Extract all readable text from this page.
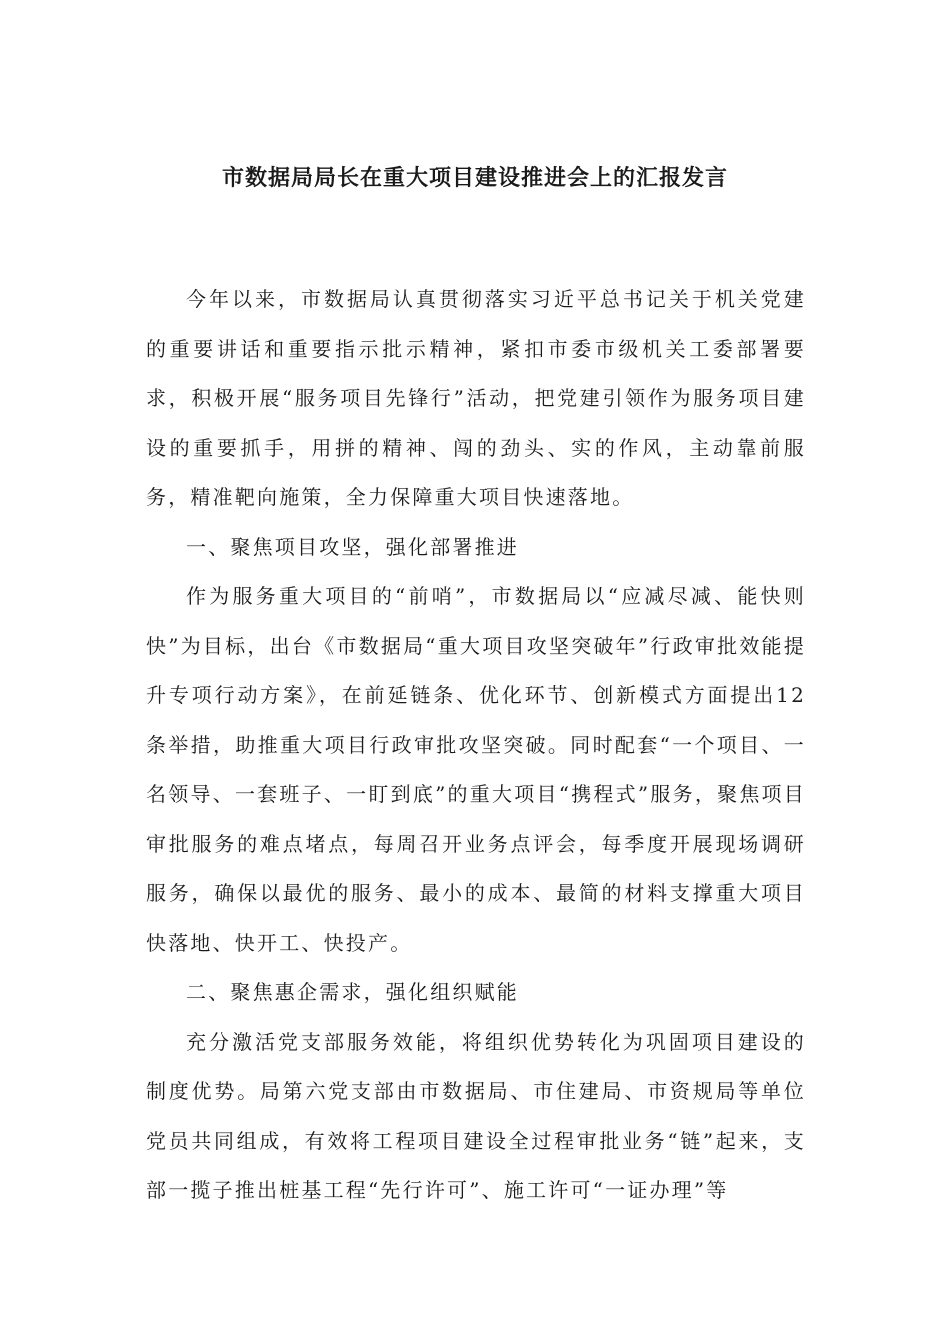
市数据局局长在重大项目建设推进会上的汇报发言

今年以来，市数据局认真贯彻落实习近平总书记关于机关党建的重要讲话和重要指示批示精神，紧扣市委市级机关工委部署要求，积极开展“服务项目先锋行”活动，把党建引领作为服务项目建设的重要抓手，用拼的精神、闯的劲头、实的作风，主动靠前服务，精准靶向施策，全力保障重大项目快速落地。

一、聚焦项目攻坚，强化部署推进

作为服务重大项目的“前哨”，市数据局以“应减尽减、能快则快”为目标，出台《市数据局“重大项目攻坚突破年”行政审批效能提升专项行动方案》，在前延链条、优化环节、创新模式方面提出12条举措，助推重大项目行政审批攻坚突破。同时配套“一个项目、一名领导、一套班子、一盯到底”的重大项目“携程式”服务，聚焦项目审批服务的难点堵点，每周召开业务点评会，每季度开展现场调研服务，确保以最优的服务、最小的成本、最简的材料支撑重大项目快落地、快开工、快投产。

二、聚焦惠企需求，强化组织赋能

充分激活党支部服务效能，将组织优势转化为巩固项目建设的制度优势。局第六党支部由市数据局、市住建局、市资规局等单位党员共同组成，有效将工程项目建设全过程审批业务“链”起来，支部一揽子推出桩基工程“先行许可”、施工许可“一证办理”等
